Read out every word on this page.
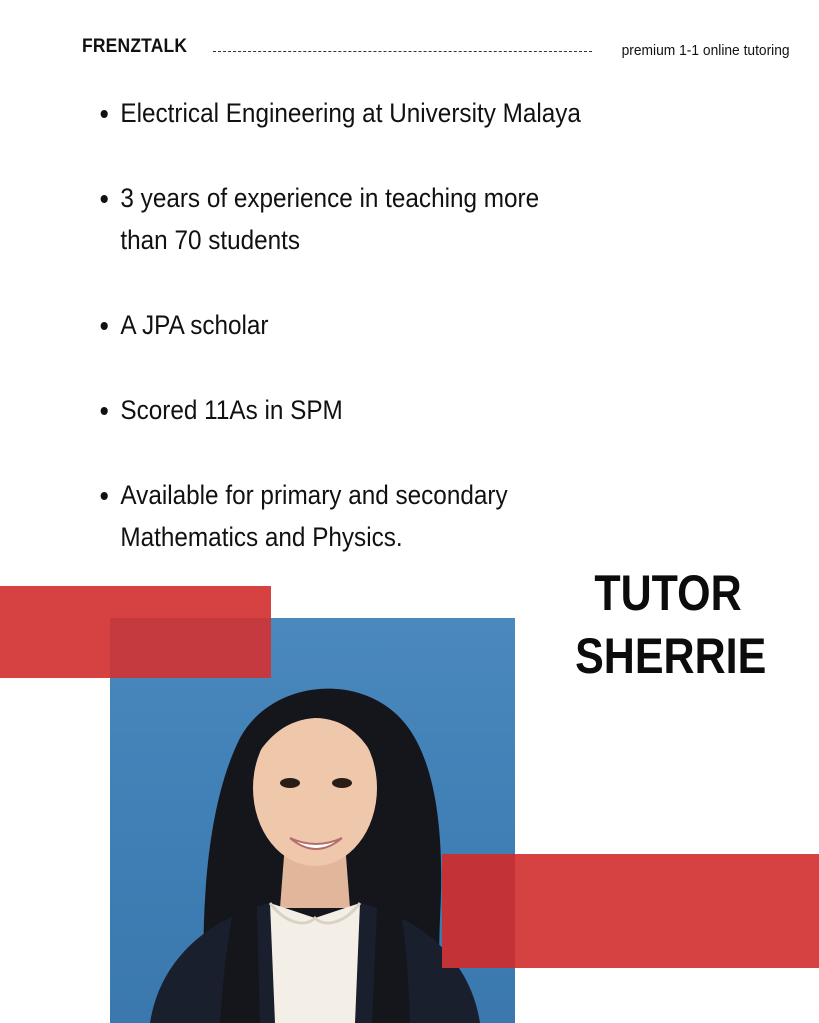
FRENZTALK	premium 1-1 online tutoring
Electrical Engineering at University Malaya
3 years of experience in teaching more than 70 students
A JPA scholar
Scored 11As in SPM
Available for primary and secondary Mathematics and Physics.
TUTOR
SHERRIE
